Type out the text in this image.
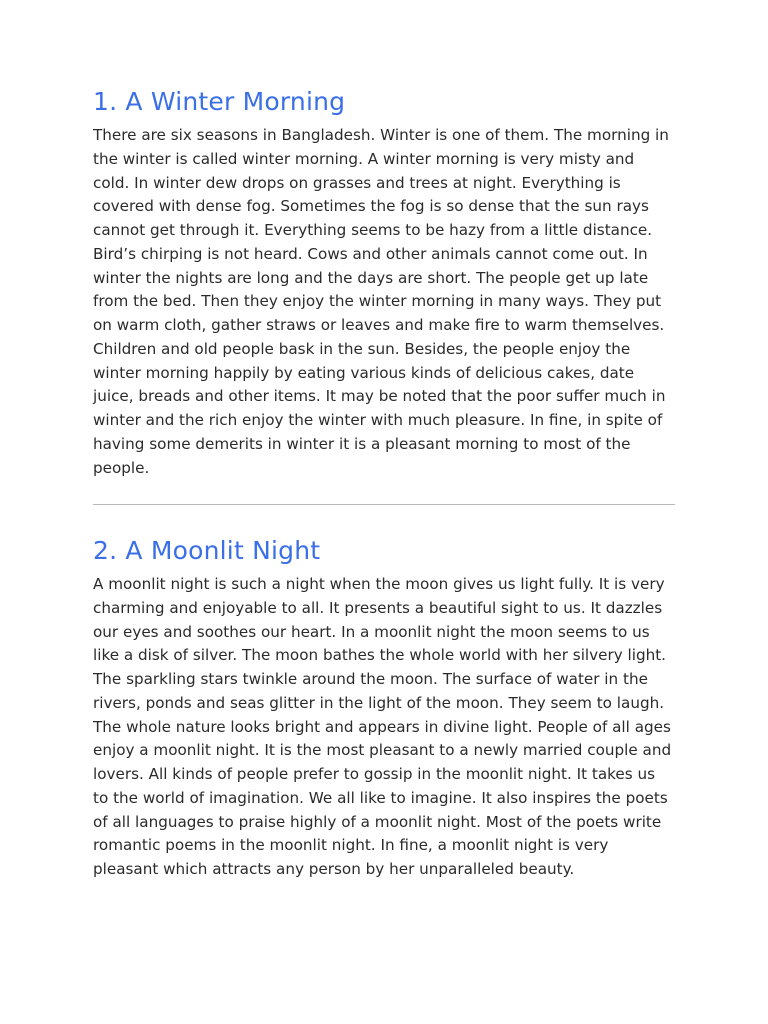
1. A Winter Morning

There are six seasons in Bangladesh. Winter is one of them. The morning in the winter is called winter morning. A winter morning is very misty and cold. In winter dew drops on grasses and trees at night. Everything is covered with dense fog. Sometimes the fog is so dense that the sun rays cannot get through it. Everything seems to be hazy from a little distance. Bird’s chirping is not heard. Cows and other animals cannot come out. In winter the nights are long and the days are short. The people get up late from the bed. Then they enjoy the winter morning in many ways. They put on warm cloth, gather straws or leaves and make fire to warm themselves. Children and old people bask in the sun. Besides, the people enjoy the winter morning happily by eating various kinds of delicious cakes, date juice, breads and other items. It may be noted that the poor suffer much in winter and the rich enjoy the winter with much pleasure. In fine, in spite of having some demerits in winter it is a pleasant morning to most of the people.

2. A Moonlit Night

A moonlit night is such a night when the moon gives us light fully. It is very charming and enjoyable to all. It presents a beautiful sight to us. It dazzles our eyes and soothes our heart. In a moonlit night the moon seems to us like a disk of silver. The moon bathes the whole world with her silvery light. The sparkling stars twinkle around the moon. The surface of water in the rivers, ponds and seas glitter in the light of the moon. They seem to laugh. The whole nature looks bright and appears in divine light. People of all ages enjoy a moonlit night. It is the most pleasant to a newly married couple and lovers. All kinds of people prefer to gossip in the moonlit night. It takes us to the world of imagination. We all like to imagine. It also inspires the poets of all languages to praise highly of a moonlit night. Most of the poets write romantic poems in the moonlit night. In fine, a moonlit night is very pleasant which attracts any person by her unparalleled beauty.
